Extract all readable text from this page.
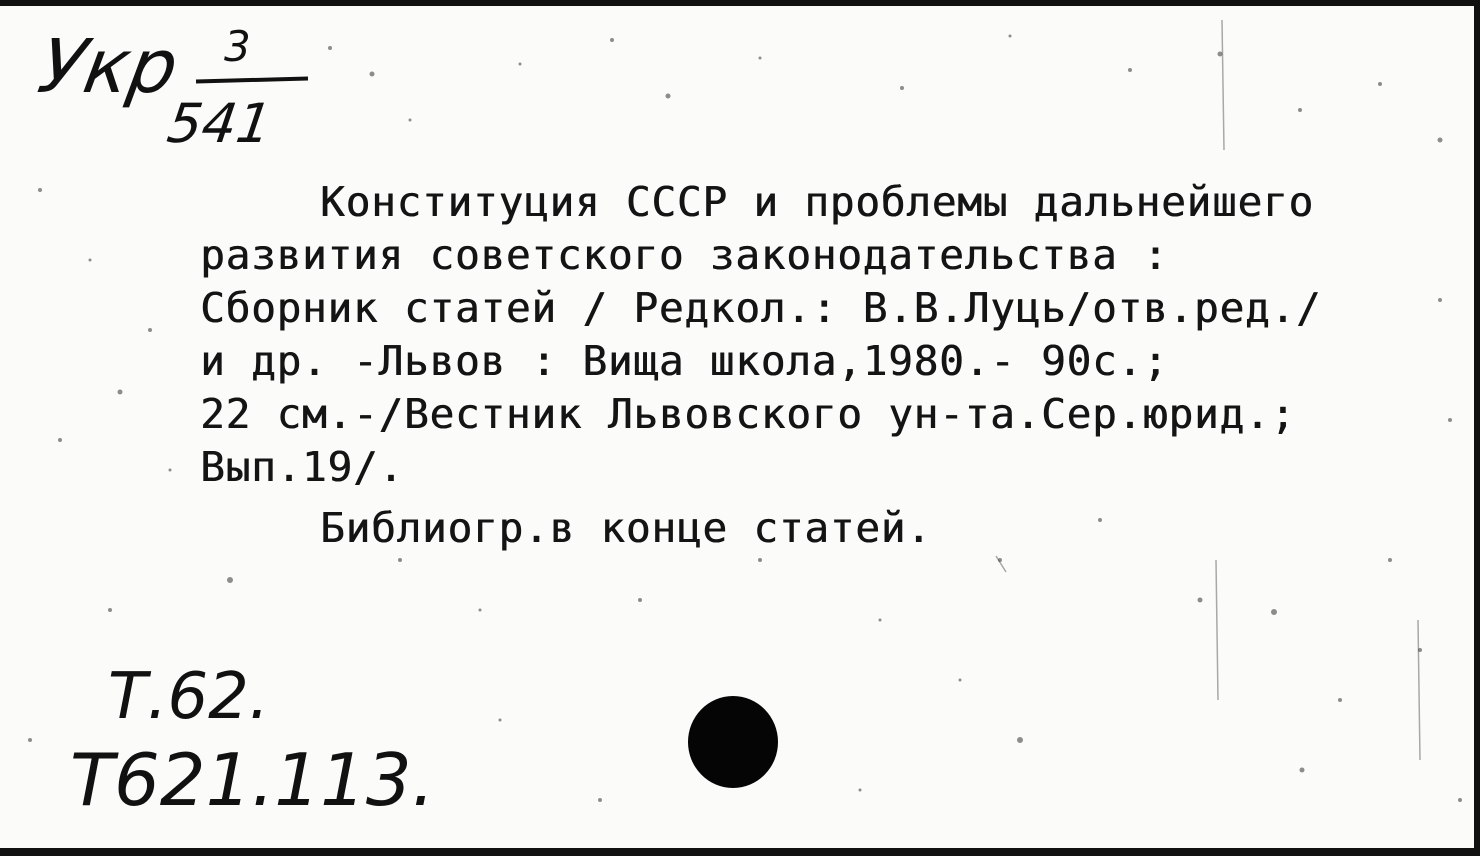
Укр 3
541

Конституция СССР и проблемы дальнейшего

развития советского законодательства :

Сборник статей / Редкол.: В.В.Луць/отв.ред./

и др. -Львов : Вища школа,1980.- 90с.;

22 см.-/Вестник Львовского ун-та.Сер.юрид.;

Вып.19/.

Библиогр.в конце статей.

Т.62.
Т621.113.
